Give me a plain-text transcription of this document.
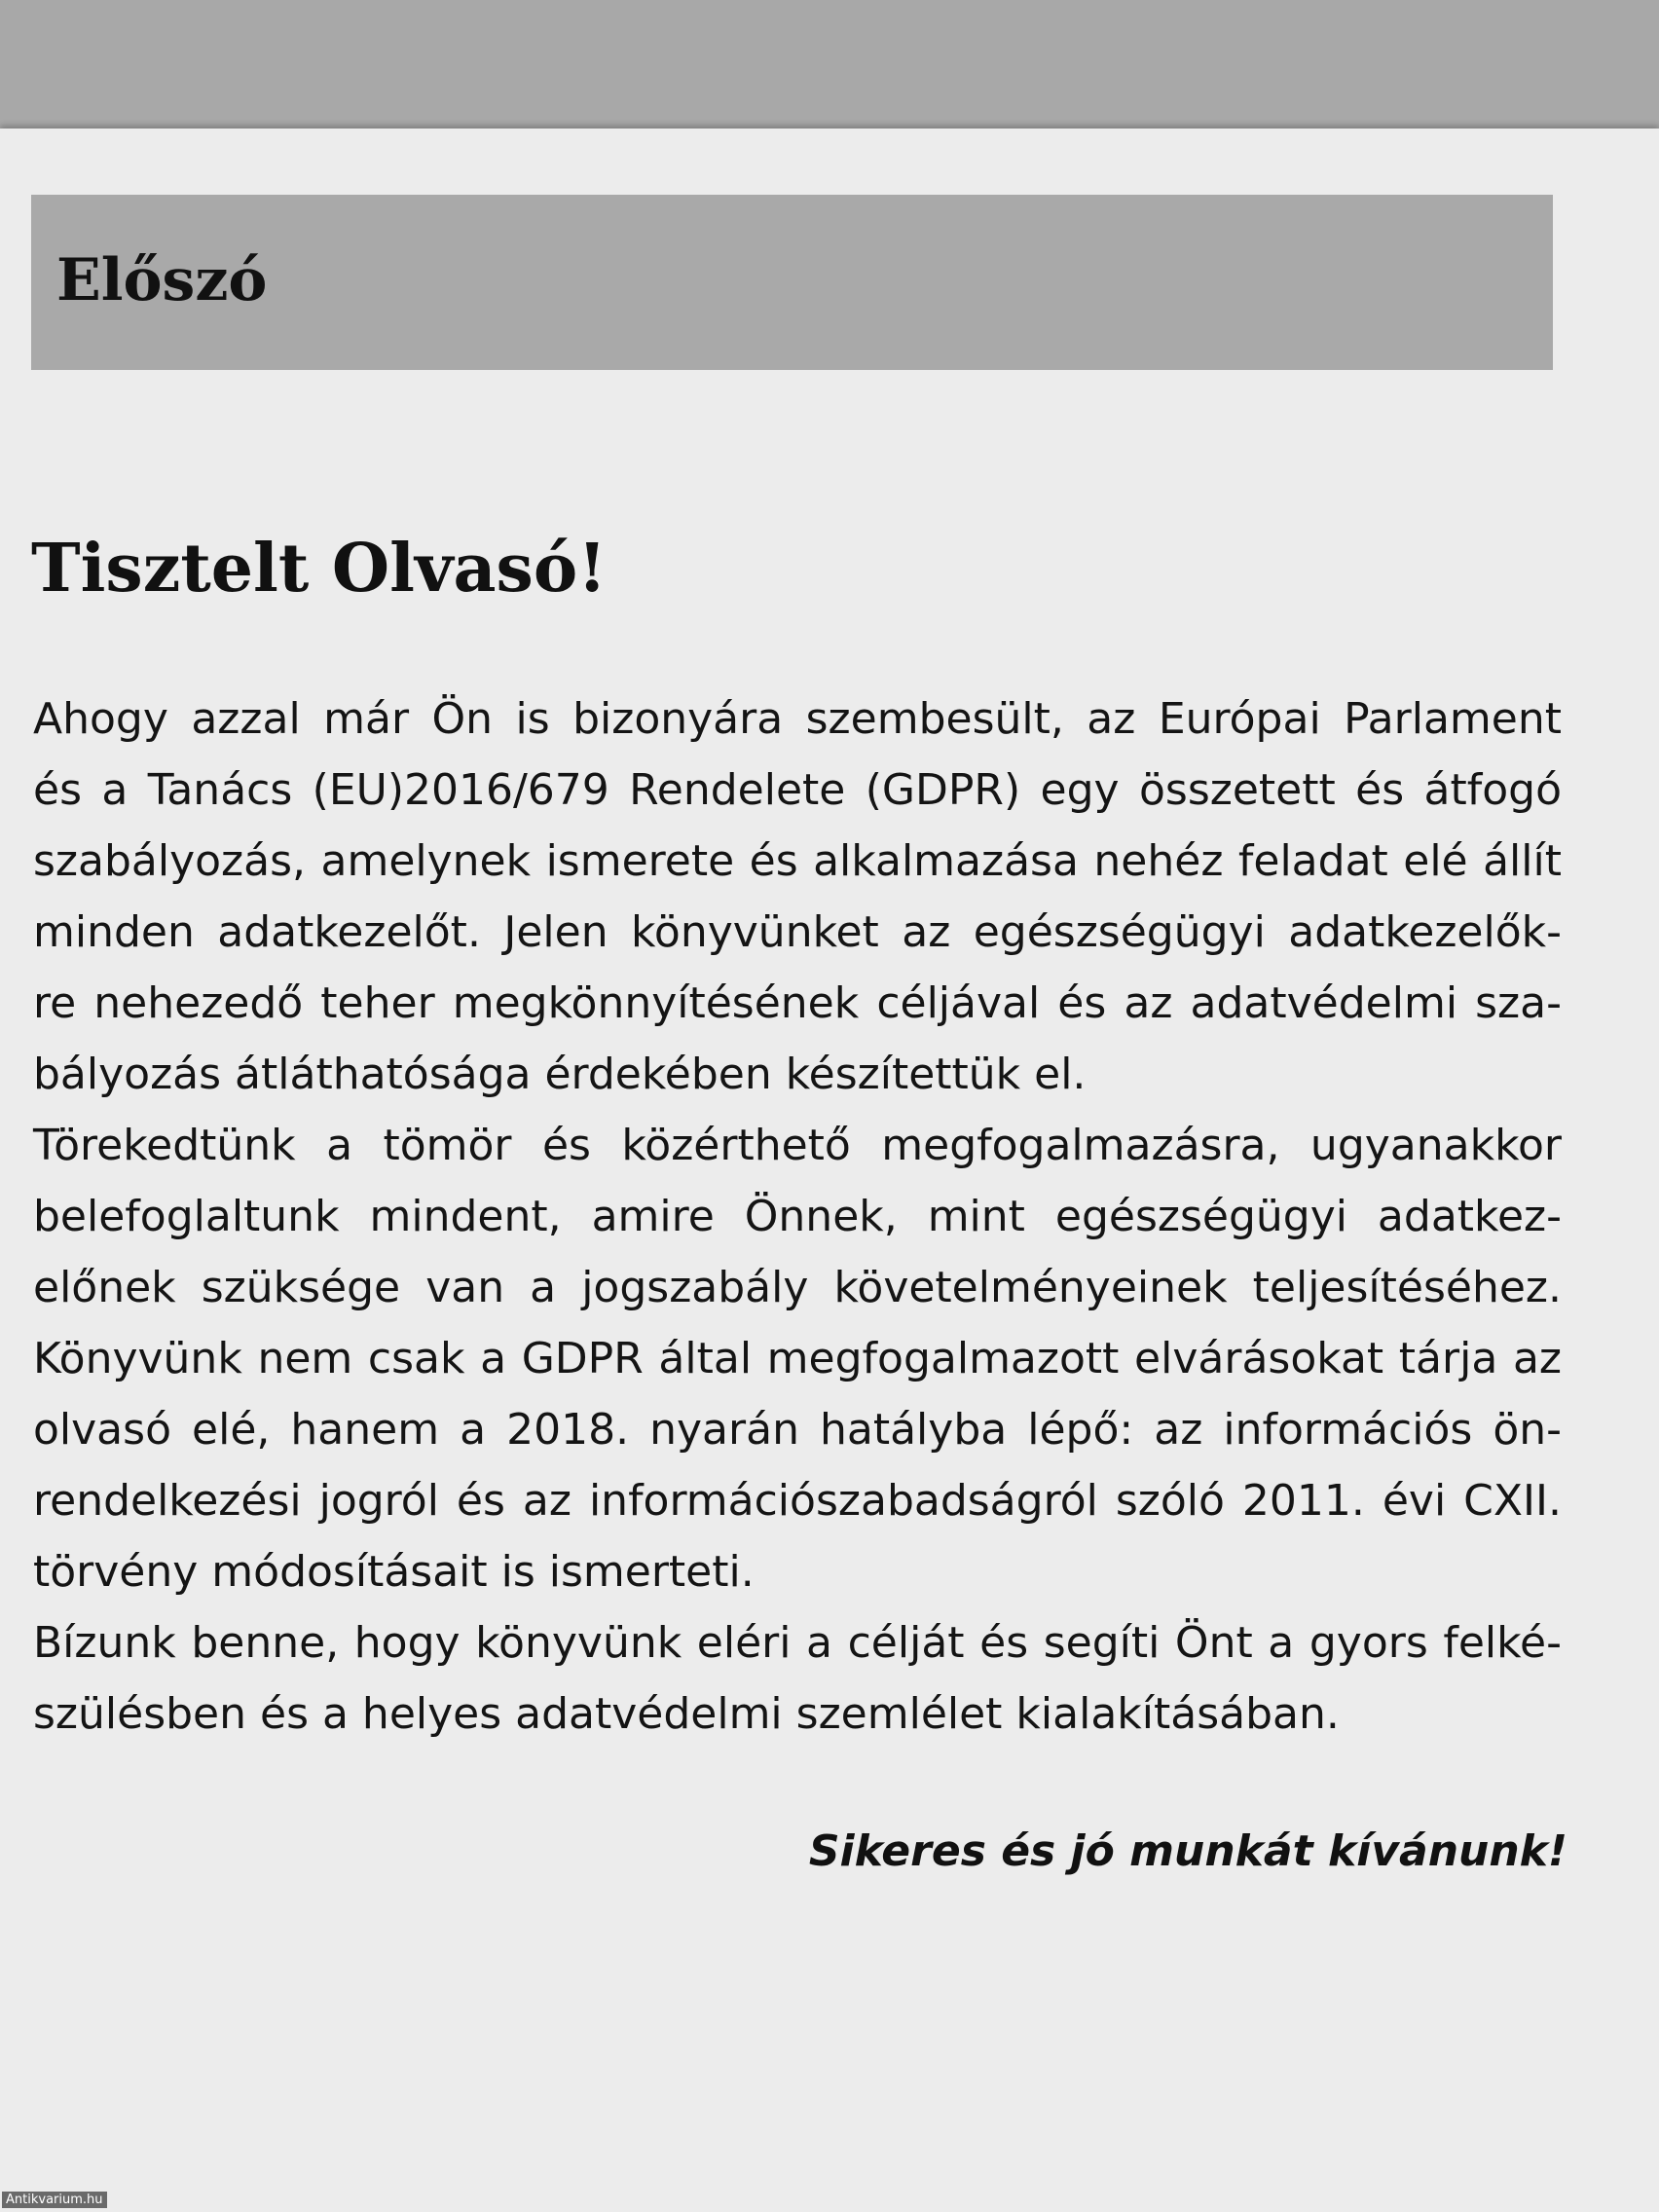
Előszó
Tisztelt Olvasó!
Ahogy azzal már Ön is bizonyára szembesült, az Európai Parlament
és a Tanács (EU)2016/679 Rendelete (GDPR) egy összetett és átfogó
szabályozás, amelynek ismerete és alkalmazása nehéz feladat elé állít
minden adatkezelőt. Jelen könyvünket az egészségügyi adatkezelők-
re nehezedő teher megkönnyítésének céljával és az adatvédelmi sza-
bályozás átláthatósága érdekében készítettük el.
Törekedtünk a tömör és közérthető megfogalmazásra, ugyanakkor
belefoglaltunk mindent, amire Önnek, mint egészségügyi adatkez-
előnek szüksége van a jogszabály követelményeinek teljesítéséhez.
Könyvünk nem csak a GDPR által megfogalmazott elvárásokat tárja az
olvasó elé, hanem a 2018. nyarán hatályba lépő: az információs ön-
rendelkezési jogról és az információszabadságról szóló 2011. évi CXII.
törvény módosításait is ismerteti.
Bízunk benne, hogy könyvünk eléri a célját és segíti Önt a gyors felké-
szülésben és a helyes adatvédelmi szemlélet kialakításában.

Sikeres és jó munkát kívánunk!

Antikvarium.hu
